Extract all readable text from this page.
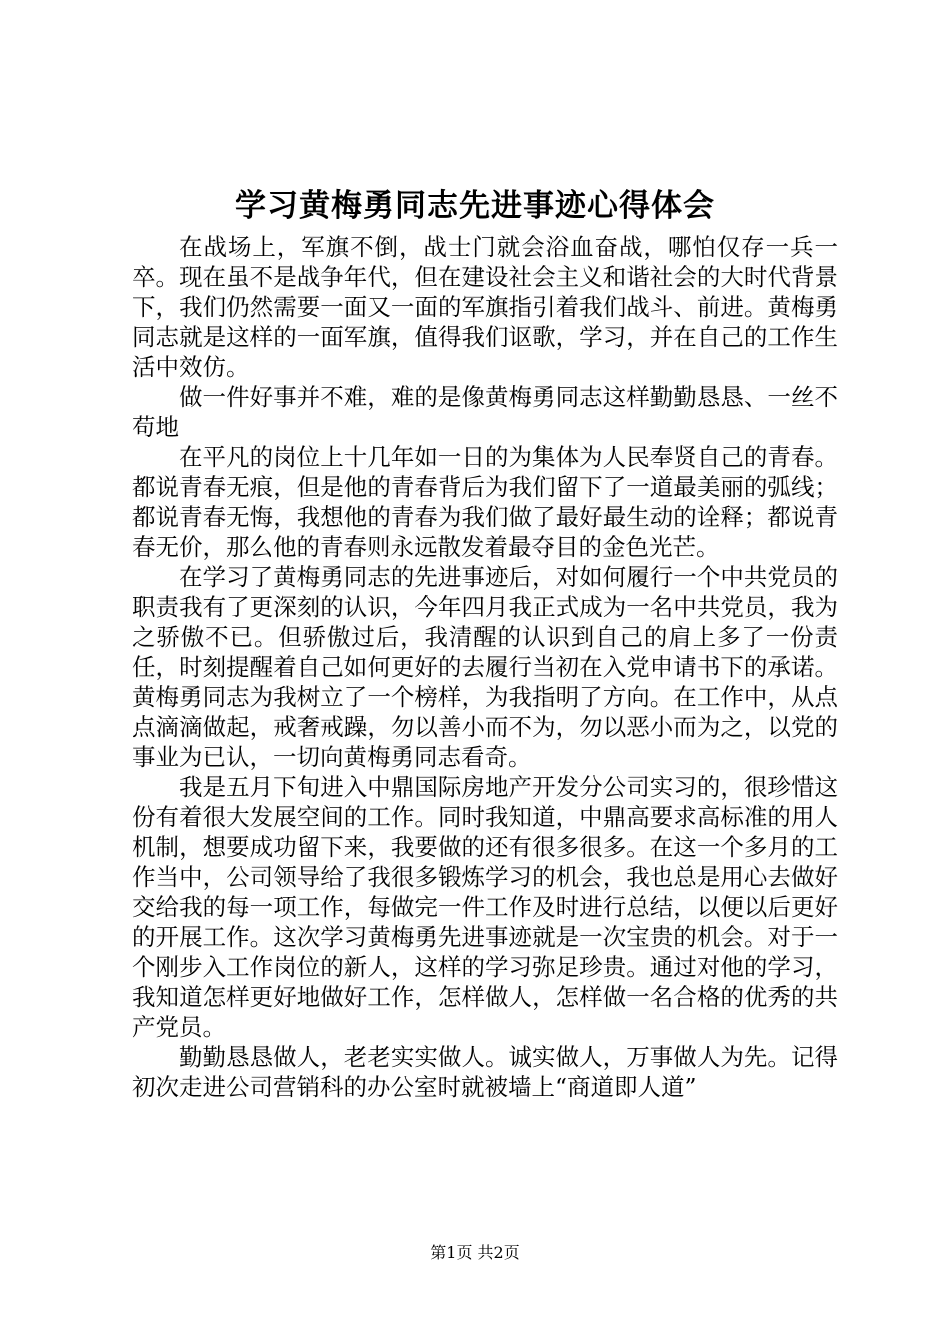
学习黄梅勇同志先进事迹心得体会

在战场上，军旗不倒，战士门就会浴血奋战，哪怕仅存一兵一卒。现在虽不是战争年代，但在建设社会主义和谐社会的大时代背景下，我们仍然需要一面又一面的军旗指引着我们战斗、前进。黄梅勇同志就是这样的一面军旗，值得我们讴歌，学习，并在自己的工作生活中效仿。

做一件好事并不难，难的是像黄梅勇同志这样勤勤恳恳、一丝不苟地

在平凡的岗位上十几年如一日的为集体为人民奉贤自己的青春。都说青春无痕，但是他的青春背后为我们留下了一道最美丽的弧线；都说青春无悔，我想他的青春为我们做了最好最生动的诠释；都说青春无价，那么他的青春则永远散发着最夺目的金色光芒。

在学习了黄梅勇同志的先进事迹后，对如何履行一个中共党员的职责我有了更深刻的认识，今年四月我正式成为一名中共党员，我为之骄傲不已。但骄傲过后，我清醒的认识到自己的肩上多了一份责任，时刻提醒着自己如何更好的去履行当初在入党申请书下的承诺。黄梅勇同志为我树立了一个榜样，为我指明了方向。在工作中，从点点滴滴做起，戒奢戒躁，勿以善小而不为，勿以恶小而为之，以党的事业为已认，一切向黄梅勇同志看奇。

我是五月下旬进入中鼎国际房地产开发分公司实习的，很珍惜这份有着很大发展空间的工作。同时我知道，中鼎高要求高标准的用人机制，想要成功留下来，我要做的还有很多很多。在这一个多月的工作当中，公司领导给了我很多锻炼学习的机会，我也总是用心去做好交给我的每一项工作，每做完一件工作及时进行总结，以便以后更好的开展工作。这次学习黄梅勇先进事迹就是一次宝贵的机会。对于一个刚步入工作岗位的新人，这样的学习弥足珍贵。通过对他的学习，我知道怎样更好地做好工作，怎样做人，怎样做一名合格的优秀的共产党员。

勤勤恳恳做人，老老实实做人。诚实做人，万事做人为先。记得初次走进公司营销科的办公室时就被墙上“商道即人道”

第1页 共2页
